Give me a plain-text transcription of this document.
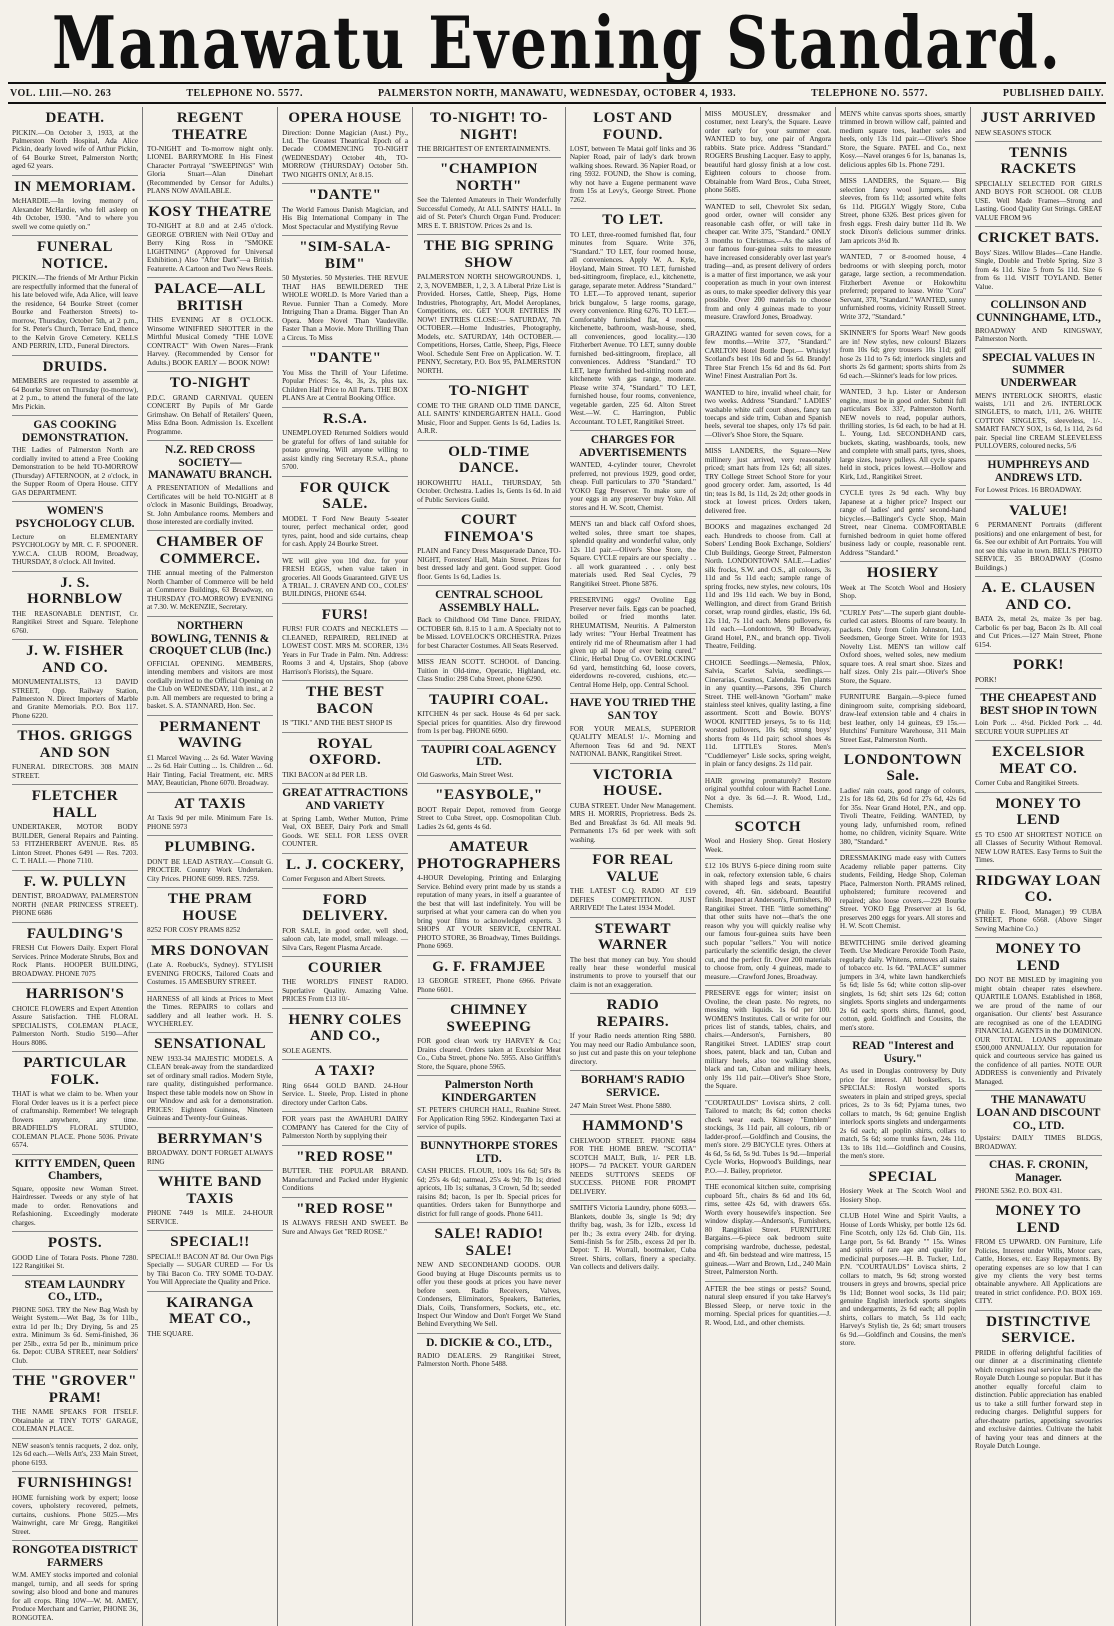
Manawatu Evening Standard.
VOL. LIII.—NO. 263	TELEPHONE NO. 5577.	PALMERSTON NORTH, MANAWATU, WEDNESDAY, OCTOBER 4, 1933.	TELEPHONE NO. 5577.	PUBLISHED DAILY.
DEATH.

PICKIN.—On October 3, 1933, at the Palmerston North Hospital, Ada Alice Pickin, dearly loved wife of Arthur Pickin, of 64 Bourke Street, Palmerston North; aged 62 years.

IN MEMORIAM.

McHARDIE.—In loving memory of Alexander McHardie, who fell asleep on 4th October, 1930. "And to where you swell we come quietly on."

FUNERAL NOTICE.

PICKIN.—The friends of Mr Arthur Pickin are respectfully informed that the funeral of his late beloved wife, Ada Alice, will leave the residence, 64 Bourke Street (corner Bourke and Featherston Streets) to-morrow, Thursday, October 5th, at 2 p.m., for St. Peter's Church, Terrace End, thence to the Kelvin Grove Cemetery. KELLS AND PERRIN, LTD., Funeral Directors.

DRUIDS.

MEMBERS are requested to assemble at 64 Bourke Street on Thursday (to-morrow), at 2 p.m., to attend the funeral of the late Mrs Pickin.

GAS COOKING DEMONSTRATION.

THE Ladies of Palmerston North are cordially invited to attend a Free Cooking Demonstration to be held TO-MORROW (Thursday) AFTERNOON, at 2 o'clock, in the Supper Room of Opera House. CITY GAS DEPARTMENT.

WOMEN'S PSYCHOLOGY CLUB.

Lecture on ELEMENTARY PSYCHOLOGY by MR. C. F. SPOONER. Y.W.C.A. CLUB ROOM, Broadway, THURSDAY, 8 o'clock. All Invited.

J. S. HORNBLOW

THE REASONABLE DENTIST, Cr. Rangitikei Street and Square. Telephone 6760.

J. W. FISHER AND CO.

MONUMENTALISTS, 13 DAVID STREET, Opp. Railway Station, Palmerston N. Direct Importers of Marble and Granite Memorials. P.O. Box 117. Phone 6220.

THOS. GRIGGS AND SON

FUNERAL DIRECTORS. 308 MAIN STREET.

FLETCHER HALL

UNDERTAKER, MOTOR BODY BUILDER, General Repairs and Painting. 53 FITZHERBERT AVENUE. Res. 85 Linton Street. Phones 6491 — Res. 7203. C. T. HALL — Phone 7110.

F. W. PULLYN

DENTIST, BROADWAY, PALMERSTON NORTH (NEAR PRINCESS STREET). PHONE 6686

FAULDING'S

FRESH Cut Flowers Daily. Expert Floral Services. Prince Moderate Shrubs, Box and Rock Plants. HOOPER BUILDING, BROADWAY. PHONE 7075

HARRISON'S

CHOICE FLOWERS and Expert Attention Assure Satisfaction. THE FLORAL SPECIALISTS, COLEMAN PLACE, Palmerston North. Studio 5190—After Hours 8086.

PARTICULAR FOLK.

THAT is what we claim to be. When your Floral Order leaves us it is a perfect piece of craftmanship. Remember! We telegraph flowers anywhere, any time. BRADFIELD'S FLORAL STUDIO, COLEMAN PLACE. Phone 5036. Private 6574.

KITTY EMDEN, Queen Chambers,

Square, opposite new Woman Street. Hairdresser. Tweeds or any style of hat made to order. Renovations and Refashioning. Exceedingly moderate charges.

POSTS.

GOOD Line of Totara Posts. Phone 7280. 122 Rangitikei St.

STEAM LAUNDRY CO., LTD.,

PHONE 5063. TRY the New Bag Wash by Weight System.—Wet Bag, 3s for 11lb., extra 1d per lb.; Dry Drying, 5s and 25 extra. Minimum 3s 6d. Semi-finished, 36 per 25lb., extra 5d per lb., minimum price 6s. Depot: CUBA STREET, near Soldiers' Club.

THE "GROVER" PRAM!

THE NAME SPEAKS FOR ITSELF. Obtainable at TINY TOTS' GARAGE, COLEMAN PLACE.

NEW season's tennis racquets, 2 doz. only, 12s 6d each.—Wells Att's, 233 Main Street, phone 6193.

FURNISHINGS!

HOME furnishing work by expert; loose covers, upholstery recovered, pelmets, curtains, cushions. Phone 5025.—Mrs Wainwright, care Mr Gregg, Rangitikei Street.

RONGOTEA DISTRICT FARMERS

W.M. AMEY stocks imported and colonial mangel, turnip, and all seeds for spring sowing; also blood and bone and manures for all crops. Ring 10W—W. M. AMEY, Produce Merchant and Carrier, PHONE 36, RONGOTEA.

REGENT THEATRE

TO-NIGHT and To-morrow night only. LIONEL BARRYMORE In His Finest Character Portrayal "SWEEPINGS" With Gloria Stuart—Alan Dinehart (Recommended by Censor for Adults.) PLANS NOW AVAILABLE.

KOSY THEATRE

TO-NIGHT at 8.0 and at 2.45 o'clock. GEORGE O'BRIEN with Neil O'Day and Berry King Ross in "SMOKE LIGHTNING" (Approved for Universal Exhibition.) Also "After Dark"—a British Featurette. A Cartoon and Two News Reels.

PALACE—ALL BRITISH

THIS EVENING AT 8 O'CLOCK. Winsome WINIFRED SHOTTER in the Mirthful Musical Comedy "THE LOVE CONTRACT" With Owen Nares—Frank Harvey. (Recommended by Censor for Adults.) BOOK EARLY — BOOK NOW!

TO-NIGHT

P.D.C. GRAND CARNIVAL QUEEN CONCERT By Pupils of Mr Garde Grimshaw. On Behalf of Retailers' Queen, Miss Edna Boon. Admission 1s. Excellent Programme.

N.Z. RED CROSS SOCIETY— MANAWATU BRANCH.

A PRESENTATION of Medallions and Certificates will be held TO-NIGHT at 8 o'clock in Masonic Buildings, Broadway, St. John Ambulance rooms. Members and those interested are cordially invited.

CHAMBER OF COMMERCE.

THE annual meeting of the Palmerston North Chamber of Commerce will be held at Commerce Buildings, 63 Broadway, on THURSDAY (TO-MORROW) EVENING at 7.30. W. McKENZIE, Secretary.

NORTHERN BOWLING, TENNIS & CROQUET CLUB (Inc.)

OFFICIAL OPENING. MEMBERS, intending members and visitors are most cordially invited to the Official Opening on the Club on WEDNESDAY, 11th inst., at 2 p.m. All members are requested to bring a basket. S. A. STANNARD, Hon. Sec.

PERMANENT WAVING

£1 Marcel Waving ... 2s 6d. Water Waving ... 2s 6d. Hair Cutting ... 1s. Children ... 6d. Hair Tinting, Facial Treatment, etc. MRS MAY, Beautician, Phone 6070. Broadway.

AT TAXIS

At Taxis 9d per mile. Minimum Fare 1s. PHONE 5973

PLUMBING.

DON'T BE LEAD ASTRAY.—Consult G. PROCTER. Country Work Undertaken. City Prices. PHONE 6099. RES. 7259.

THE PRAM HOUSE

8252 FOR COSY PRAMS 8252

MRS DONOVAN

(Late A. Roebuck's, Sydney). STYLISH EVENING FROCKS, Tailored Coats and Costumes. 15 AMESBURY STREET.

HARNESS of all kinds at Prices to Meet the Times. REPAIRS to collars and saddlery and all leather work. H. S. WYCHERLEY.

SENSATIONAL

NEW 1933-34 MAJESTIC MODELS. A CLEAN break-away from the standardized set of ordinary small radios. Modern Style, rare quality, distinguished performance. Inspect these table models now on Show in our Window and ask for a demonstration. PRICES: Eighteen Guineas, Nineteen Guineas and Twenty-four Guineas.

BERRYMAN'S

BROADWAY. DON'T FORGET ALWAYS RING

WHITE BAND TAXIS

PHONE 7449 1s MILE. 24-HOUR SERVICE.

SPECIAL!!

SPECIAL!! BACON AT 8d. Our Own Pigs Specially — SUGAR CURED — For Us by Tiki Bacon Co. TRY SOME TO-DAY. You Will Appreciate the Quality and Price.

KAIRANGA MEAT CO.,

THE SQUARE.

OPERA HOUSE

Direction: Donne Magician (Aust.) Pty., Ltd. The Greatest Theatrical Epoch of a Decade COMMENCING TO-NIGHT (WEDNESDAY) October 4th, TO-MORROW (THURSDAY) October 5th. TWO NIGHTS ONLY, At 8.15.

"DANTE"

The World Famous Danish Magician, and His Big International Company in The Most Spectacular and Mystifying Revue

"SIM-SALA-BIM"

50 Mysteries. 50 Mysteries. THE REVUE THAT HAS BEWILDERED THE WHOLE WORLD. Is More Varied than a Revue. Funnier Than a Comedy. More Intriguing Than a Drama. Bigger Than An Opera. More Novel Than Vaudeville. Faster Than a Movie. More Thrilling Than a Circus. To Miss

"DANTE"

You Miss the Thrill of Your Lifetime. Popular Prices: 5s, 4s, 3s, 2s, plus tax. Children Half Price to All Parts. THE BOX PLANS Are at Central Booking Office.

R.S.A.

UNEMPLOYED Returned Soldiers would be grateful for offers of land suitable for potato growing. Will anyone willing to assist kindly ring Secretary R.S.A., phone 5700.

FOR QUICK SALE.

MODEL T Ford New Beauty 5-seater tourer, perfect mechanical order, good tyres, paint, hood and side curtains, cheap for cash. Apply 24 Bourke Street.

WE will give you 10d doz. for your FRESH EGGS, when value taken in groceries. All Goods Guaranteed. GIVE US A TRIAL. J. CRAVEN AND CO., COLES' BUILDINGS, PHONE 6544.

FURS!

FURS! FUR COATS and NECKLETS —CLEANED, REPAIRED, RELINED at LOWEST COST. MRS M. SCORER, 13½ Years in Fur Trade in Palm. Ntn. Address: Rooms 3 and 4, Upstairs, Shop (above Harrison's Florists), the Square.

THE BEST BACON

IS "TIKI." AND THE BEST SHOP IS

ROYAL OXFORD.

TIKI BACON at 8d PER LB.

GREAT ATTRACTIONS AND VARIETY

at Spring Lamb, Wether Mutton, Prime Veal, OX BEEF, Dairy Pork and Small Goods. WE SELL FOR LESS OVER COUNTER.

L. J. COCKERY,

Corner Ferguson and Albert Streets.

FORD DELIVERY.

FOR SALE, in good order, well shod, saloon cab, late model, small mileage. —Silva Cars, Regent Plasma Arcade.

COURIER

THE WORLD'S FINEST RADIO. Superlative Quality. Amazing Value. PRICES From £13 10/-

HENRY COLES AND CO.,

SOLE AGENTS.

A TAXI?

Ring 6644 GOLD BAND. 24-Hour Service. L. Steele, Prop. Listed in phone directory under Carlton Cabs.

FOR years past the AWAHURI DAIRY COMPANY has Catered for the City of Palmerston North by supplying their

"RED ROSE"

BUTTER. THE POPULAR BRAND. Manufactured and Packed under Hygienic Conditions

"RED ROSE"

IS ALWAYS FRESH AND SWEET. Be Sure and Always Get "RED ROSE."

TO-NIGHT! TO-NIGHT!

THE BRIGHTEST OF ENTERTAINMENTS.

"CHAMPION NORTH"

See the Talented Amateurs in Their Wonderfully Successful Comedy, At ALL SAINTS' HALL. In aid of St. Peter's Church Organ Fund. Producer: MRS E. T. BRISTOW. Prices 2s and 1s.

THE BIG SPRING SHOW

PALMERSTON NORTH SHOWGROUNDS. 1, 2, 3, NOVEMBER, 1, 2, 3. A Liberal Prize List is Provided. Horses, Cattle, Sheep, Pigs, Home Industries, Photography, Art, Model Aeroplanes, Competitions, etc. GET YOUR ENTRIES IN NOW! ENTRIES CLOSE:— SATURDAY, 7th OCTOBER.—Home Industries, Photography, Models, etc. SATURDAY, 14th OCTOBER.—Competitions, Horses, Cattle, Sheep, Pigs, Fleece Wool. Schedule Sent Free on Application. W. T. PENNY, Secretary, P.O. Box 95, PALMERSTON NORTH.

TO-NIGHT

COME TO THE GRAND OLD TIME DANCE, ALL SAINTS' KINDERGARTEN HALL. Good Music, Floor and Supper. Gents 1s 6d, Ladies 1s. A.R.R.

OLD-TIME DANCE.

HOKOWHITU HALL, THURSDAY, 5th October. Orchestra. Ladies 1s, Gents 1s 6d. In aid of Public Services Guild.

COURT FINEMOA'S

PLAIN and Fancy Dress Masquerade Dance, TO-NIGHT, Foresters' Hall, Main Street. Prizes for best dressed lady and gent. Good supper. Good floor. Gents 1s 6d, Ladies 1s.

CENTRAL SCHOOL ASSEMBLY HALL.

Back to Childhood Old Time Dance. FRIDAY, OCTOBER 6th. 8.15 to 1 a.m. A Specialty not to be Missed. LOVELOCK'S ORCHESTRA. Prizes for best Character Costumes. All Seats Reserved.

MISS JEAN SCOTT. SCHOOL of Dancing. Tuition in Old-time, Operatic, Highland, etc. Class Studio: 298 Cuba Street, phone 6290.

TAUPIRI COAL.

KITCHEN 4s per sack. House 4s 6d per sack. Special prices for quantities. Also dry firewood from 1s per bag. PHONE 6090.

TAUPIRI COAL AGENCY LTD.

Old Gasworks, Main Street West.

"EASYBOLE,"

BOOT Repair Depot, removed from George Street to Cuba Street, opp. Cosmopolitan Club. Ladies 2s 6d, gents 4s 6d.

AMATEUR PHOTOGRAPHERS

4-HOUR Developing, Printing and Enlarging Service. Behind every print made by us stands a reputation of many years, in itself a guarantee of the best that will last indefinitely. You will be surprised at what your camera can do when you bring your films to acknowledged experts. 3 SHOPS AT YOUR SERVICE, CENTRAL PHOTO STORE, 36 Broadway, Times Buildings. Phone 6969.

G. F. FRAMJEE

13 GEORGE STREET, Phone 6966. Private Phone 6601.

CHIMNEY SWEEPING

FOR good clean work try HARVEY & Co.; Drains cleared. Orders taken at Excelsior Meat Co., Cuba Street, phone No. 5955. Also Griffith's Store, the Square, phone 5965.

Palmerston North KINDERGARTEN

ST. PETER'S CHURCH HALL, Ruahine Street. For Application Ring 5962. Kindergarten Taxi at service of pupils.

BUNNYTHORPE STORES LTD.

CASH PRICES. FLOUR, 100's 16s 6d; 50's 8s 6d; 25's 4s 6d; oatmeal, 25's 4s 9d; 7lb 1s; dried apricots, 1lb 1s; sultanas, 3 Crown, 5d lb; seeded raisins 8d; bacon, 1s per lb. Special prices for quantities. Orders taken for Bunnythorpe and district for full range of goods. Phone 6411.

SALE! RADIO! SALE!

NEW AND SECONDHAND GOODS. OUR Good buying at Huge Discounts permits us to offer you these goods at prices you have never before seen. Radio Receivers, Valves, Condensers, Eliminators, Speakers, Batteries, Dials, Coils, Transformers, Sockets, etc., etc. Inspect Our Window and Don't Forget We Stand Behind Everything We Sell.

D. DICKIE & CO., LTD.,

RADIO DEALERS. 29 Rangitikei Street, Palmerston North. Phone 5488.

LOST AND FOUND.

LOST, between Te Matai golf links and 36 Napier Road, pair of lady's dark brown walking shoes. Reward. 36 Napier Road, or ring 5932. FOUND, the Show is coming, why not have a Eugene permanent wave from 15s at Levy's, George Street. Phone 7262.

TO LET.

TO LET, three-roomed furnished flat, four minutes from Square. Write 376, "Standard." TO LET, four roomed house, all conveniences. Apply W. A. Kyle, Hoyland, Main Street. TO LET, furnished bed-sittingroom, fireplace, e.l., kitchenette, garage, separate meter. Address "Standard." TO LET.—To approved tenant, superior brick bungalow, 5 large rooms, garage, every convenience. Ring 6276. TO LET.—Comfortably furnished flat, 4 rooms, kitchenette, bathroom, wash-house, shed, all conveniences, good locality.—130 Fitzherbert Avenue. TO LET, sunny double furnished bed-sittingroom, fireplace, all conveniences. Address "Standard." TO LET, large furnished bed-sitting room and kitchenette with gas range, moderate. Please write 374, "Standard." TO LET, furnished house, four rooms, convenience, vegetable garden, 225 6d. Alton Street West.—W. C. Harrington, Public Accountant. TO LET, Rangitikei Street.

CHARGES FOR ADVERTISEMENTS

WANTED, 4-cylinder tourer, Chevrolet preferred, not previous 1929, good order, cheap. Full particulars to 370 "Standard." YOKO Egg Preserver. To make sure of your eggs in any preserver buy Yoko. All stores and H. W. Scott, Chemist.

MEN'S tan and black calf Oxford shoes, welted soles, three smart toe shapes, splendid quality and wonderful value, only 12s 11d pair.—Oliver's Shoe Store, the Square. CYCLE repairs are our specialty . . . all work guaranteed . . . only best materials used. Red Seal Cycles, 79 Rangitikei Street. Phone 5876.

PRESERVING eggs? Ovoline Egg Preserver never fails. Eggs can be poached, boiled or fried months later. RHEUMATISM, Neuritis. A Palmerston lady writes: "Your Herbal Treatment has entirely rid me of Rheumatism after 1 had given up all hope of ever being cured." Clinic, Herbal Drug Co. OVERLOCKING 6d yard, hemstitching 6d, loose covers, eiderdowns re-covered, cushions, etc.—Central Home Help, opp. Central School.

HAVE YOU TRIED THE SAN TOY

FOR YOUR MEALS, SUPERIOR QUALITY MEALS! 1/-. Morning and Afternoon Teas 6d and 9d. NEXT NATIONAL BANK, Rangitikei Street.

VICTORIA HOUSE.

CUBA STREET. Under New Management. MRS H. MORRIS, Proprietress. Beds 2s. Bed and Breakfast 3s 6d. All meals 9d. Permanents 17s 6d per week with soft washing.

FOR REAL VALUE

THE LATEST C.Q. RADIO AT £19 DEFIES COMPETITION. JUST ARRIVED! The Latest 1934 Model.

STEWART WARNER

The best that money can buy. You should really hear these wonderful musical instruments to prove to yourself that our claim is not an exaggeration.

RADIO REPAIRS.

If your Radio needs attention Ring 5880. You may need our Radio Ambulance soon, so just cut and paste this on your telephone directory.

BORHAM'S RADIO SERVICE.

247 Main Street West. Phone 5880.

HAMMOND'S

CHELWOOD STREET. PHONE 6884 FOR THE HOME BREW. "SCOTIA" SCOTCH MALT, Bulk, 1/- PER LB. HOPS— 7d PACKET. YOUR GARDEN NEEDS SUTTON'S SEEDS OF SUCCESS. PHONE FOR PROMPT DELIVERY.

SMITH'S Victoria Laundry, phone 6093.—Blankets, double 3s, single 1s 9d; dry thrifty bag, wash, 3s for 12lb., excess 1d per lb.; 3s extra every 24lb. for drying. Semi-finish 5s for 25lb., excess 2d per lb. Depot: T. H. Worrall, bootmaker, Cuba Street. Shirts, collars, finery a specialty. Van collects and delivers daily.

MISS MOUSLEY, dressmaker and costumer, next Leary's, the Square. Leave order early for your summer coat. WANTED to buy, one pair of Angora rabbits. State price. Address "Standard." ROGERS Brushing Lacquer. Easy to apply, beautiful hard glossy finish at a low cost. Eighteen colours to choose from. Obtainable from Ward Bros., Cuba Street, phone 5685.

WANTED to sell, Chevrolet Six sedan, good order, owner will consider any reasonable cash offer, or will take in cheaper car. Write 375, "Standard." ONLY 3 months to Christmas.—As the sales of our famous four-guinea suits to measure have increased considerably over last year's trading—and, as present delivery of orders is a matter of first importance, we ask your cooperation as much in your own interest as ours, to make speedier delivery this year possible. Over 200 materials to choose from and only 4 guineas made to your measure. Crawford Jones, Broadway.

GRAZING wanted for seven cows, for a few months.—Write 377, "Standard." CARLTON Hotel Bottle Dept.— Whisky! Scotland's best 10s 6d and 5s 6d. Brandy! Three Star French 15s 6d and 8s 6d. Port Wine! Finest Australian Port 3s.

WANTED to hire, invalid wheel chair, for two weeks. Address "Standard." LADIES' washable white calf court shoes, fancy tan toecaps and side trim, Cuban and Spanish heels, several toe shapes, only 17s 6d pair.—Oliver's Shoe Store, the Square.

MISS LANDERS, the Square—New millinery just arrived, very reasonably priced; smart hats from 12s 6d; all sizes. TRY College Street School Store for your good grocery order. Jam, assorted, 1s 4d tin; teas 1s 8d, 1s 11d, 2s 2d; other goods in stock at lowest prices. Orders taken, delivered free.

BOOKS and magazines exchanged 2d each. Hundreds to choose from. Call at Sobers' Lending Book Exchange, Soldiers' Club Buildings, George Street, Palmerston North. LONDONTOWN SALE.—Ladies' silk frocks, S.W. and O.S., all colours, 3s 11d and 5s 11d each; sample range of spring frocks, new styles, new colours, 10s 11d and 19s 11d each. We buy in Bond, Wellington, and direct from Grand British corset, wrap round girdles, elastic, 19s 6d, 12s 11d, 7s 11d each. Mens pullovers, 6s 11d each.—Londontown, 90 Broadway, Grand Hotel, P.N., and branch opp. Tivoli Theatre, Feilding.

CHOICE Seedlings.—Nemesia, Phlox, Salvia, Scarlet Salvia, seedlings.—Cinerarias, Cosmos, Calendula. Ten plants in any quantity.—Parsons, 396 Church Street. THE well-known "Gorham" make stainless steel knives, quality lasting, a fine assortment. Scott and Bowie. BOYS' WOOL KNITTED jerseys, 5s to 6s 11d; worsted pullovers, 10s 6d; strong boys' shorts from 4s 11d pair; school shoes 4s 11d. LITTLE's Stores. Men's "Cuddlemeyer" Lisle socks, spring weight, in plain or fancy designs. 2s 11d pair.

HAIR growing prematurely? Restore original youthful colour with Rachel Lone. Not a dye. 3s 6d.—J. R. Wood, Ltd., Chemists.

SCOTCH

Wool and Hosiery Shop. Great Hosiery Week.

£12 10s BUYS 6-piece dining room suite in oak, refectory extension table, 6 chairs with shaped legs and seats, tapestry covered, 4ft. 6in. sideboard. Beautiful finish. Inspect at Anderson's, Furnishers, 80 Rangitikei Street. THE "little something" that other suits have not—that's the one reason why you will quickly realise why our famous four-guinea suits have been such popular "sellers." You will notice particularly the scientific design, the clever cut, and the perfect fit. Over 200 materials to choose from, only 4 guineas, made to measure.—Crawford Jones, Broadway.

PRESERVE eggs for winter; insist on Ovoline, the clean paste. No regrets, no messing with liquids. 1s 6d per 100. WOMEN'S Institutes. Call or write for our prices list of stands, tables, chairs, and chairs.—Anderson's, Furnishers, 80 Rangitikei Street. LADIES' strap court shoes, patent, black and tan, Cuban and military heels, also toe walking shoes, black and tan, Cuban and military heels, only 19s 11d pair.—Oliver's Shoe Store, the Square.

"COURTAULDS" Lovisca shirts, 2 coll. Tailored to match; 8s 6d; cotton checks check wear each. Kinsey "Emblem" stockings, 3s 11d pair, all colours, rib or ladder-proof.—Goldfinch and Cousins, the men's store. 2/9 BICYCLE tyres. Others at 4s 6d, 5s 6d, 5s 9d. Tubes 1s 9d.—Imperial Cycle Works, Hopwood's Buildings, near P.O.—J. Bailey, proprietor.

THE economical kitchen suite, comprising cupboard 5ft., chairs 8s 6d and 10s 6d, rims, settee 42s 6d, with drawers 65s. Worth every housewife's inspection. See window display.—Anderson's, Furnishers, 80 Rangitikei Street. FURNITURE Bargains.—6-piece oak bedroom suite comprising wardrobe, duchesse, pedestal, and 4ft. 6in bedstead and wire mattress, 15 guineas.—Warr and Brown, Ltd., 240 Main Street, Palmerston North.

AFTER the bee stings or pests? Sound, natural sleep ensured if you take Harvey's Blessed Sleep, or nerve toxic in the morning. Special prices for quantities.—J. R. Wood, Ltd., and other chemists.

MEN'S white canvas sports shoes, smartly trimmed in brown willow calf, painted and medium square toes, leather soles and heels, only 13s 11d pair.—Oliver's Shoe Store, the Square. PATEL and Co., next Kosy.—Navel oranges 6 for 1s, bananas 1s, delicious apples 6lb 1s. Phone 7291.

MISS LANDERS, the Square.— Big selection fancy wool jumpers, short sleeves, from 6s 11d; assorted white felts 6s 11d. PIGGLY Wiggly Store, Cuba Street, phone 6326. Best prices given for fresh eggs. Fresh dairy butter 11d lb. We stock Dixon's delicious summer drinks. Jam apricots 3½d lb.

WANTED, 7 or 8-roomed house, 4 bedrooms or with sleeping porch, motor garage, large section, a recommendation. Fitzherbert Avenue or Hokowhitu preferred; prepared to lease. Write "Cora" Servant, 378, "Standard." WANTED, sunny unfurnished rooms, vicinity Russell Street. Write 372, "Standard."

SKINNER'S for Sports Wear! New goods are in! New styles, new colours! Blazers from 10s 6d; grey trousers 10s 11d; golf hose 2s 11d to 7s 6d; interlock singlets and shorts 2s 6d garment; sports shirts from 2s 6d each.—Skinner's leads for low prices.

WANTED, 3 h.p. Lister or Anderson engine, must be in good order. Submit full particulars Box 337, Palmerston North. NEW novels to read, popular authors, thrilling stories, 1s 6d each, to be had at H. L. Young, Ltd. SECONDHAND cars, buckets, skating, washboards, tools, new and complete with small parts, tyres, shoes, large sizes, heavy pulleys. All cycle spares held in stock, prices lowest.—Hollow and Kirk, Ltd., Rangitikei Street.

CYCLE tyres 2s 9d each. Why buy Japanese at a higher price? Inspect our range of ladies' and gents' second-hand bicycles.—Ballinger's Cycle Shop, Main Street, near Cinema. COMFORTABLE furnished bedroom in quiet home offered business lady or couple, reasonable rent. Address "Standard."

HOSIERY

Week at The Scotch Wool and Hosiery Shop.

"CURLY Pets"—The superb giant double-curled cat asters. Blooms of rare beauty. In packets. Only from Colin Johnston, Ltd., Seedsmen, George Street. Write for 1933 Novelty List. MEN'S tan willow calf Oxford shoes, welted soles, new medium square toes. A real smart shoe. Sizes and half sizes. Only 21s pair.—Oliver's Shoe Store, the Square.

FURNITURE Bargain.—9-piece fumed diningroom suite, comprising sideboard, draw-leaf extension table and 4 chairs in best leather, only 14 guineas, £9 15s.—Hutchins' Furniture Warehouse, 311 Main Street East, Palmerston North.

LONDONTOWN Sale.

Ladies' rain coats, good range of colours, 21s for 18s 6d, 20s 6d for 27s 6d, 42s 6d for 35s. Near Grand Hotel, P.N., and opp. Tivoli Theatre, Feilding. WANTED, by young lady, unfurnished room, refined home, no children, vicinity Square. Write 380, "Standard."

DRESSMAKING made easy with Cutters Academy reliable paper patterns. City students, Feilding, Hedge Shop, Coleman Place, Palmerston North. PRAMS relined, upholstered; furniture recovered and repaired; also loose covers.—229 Bourke Street. YOKO Egg Preserver at 1s 6d, preserves 200 eggs for years. All stores and H. W. Scott Chemist.

BEWITCHING smile derived gleaming Teeth. Use Medicare Peroxide Tooth Paste, regularly daily. Whitens, removes all stains of tobacco etc. 1s 6d. "PALACE" summer jumpers in 3/4, white lawn handkerchiefs 5s 6d; lisle 5s 6d; white cotton slip-over singlets, 1s 6d; shirt sets 12s 6d; cotton singlets. Sports singlets and undergarments 2s 6d each; sports shirts, flannel, good, cotton, gold. Goldfinch and Cousins, the men's store.

READ "Interest and Usury."

As used in Douglas controversy by Duty price for interest. All booksellers, 1s. SPECIALS: Roslyn worsted sports sweaters in plain and striped greys, special prices, 2s to 3s 6d; Pyjama tunes, two collars to match, 9s 6d; genuine English interlock sports singlets and undergarments 2s 6d each; all poplin shirts, collars to match, 5s 6d; some trunks fawn, 24s 11d, 13s to 18s 11d.—Goldfinch and Cousins, the men's store.

SPECIAL

Hosiery Week at The Scotch Wool and Hosiery Shop.

CLUB Hotel Wine and Spirit Vaults, a House of Lords Whisky, per bottle 12s 6d. Fine Scotch, only 12s 6d. Club Gin, 11s. Large port, 5s 6d. Brandy "" 15s. Wines and spirits of rare age and quality for medicinal purposes.—H. B. Tucker, Ltd., P.N. "COURTAULDS" Lovisca shirts, 2 collars to match, 9s 6d; strong worsted trousers in greys and browns, special price 9s 11d; Bonnet wool socks, 3s 11d pair; genuine English interlock sports singlets and undergarments, 2s 6d each; all poplin shirts, collars to match, 5s 11d each; Harvey's Stylish tie, 2s 6d; smart trousers 6s 9d.—Goldfinch and Cousins, the men's store.

JUST ARRIVED

NEW SEASON'S STOCK

TENNIS RACKETS

SPECIALLY SELECTED FOR GIRLS AND BOYS FOR SCHOOL OR CLUB USE. Well Made Frames—Strong and Lasting. Good Quality Gut Strings. GREAT VALUE FROM 9/6

CRICKET BATS.

Boys' Sizes. Willow Blades—Cane Handle. Single, Double and Treble Spring. Size 3 from 4s 11d. Size 5 from 5s 11d. Size 6 from 6s 11d. VISIT TOYLAND. Better Value.

COLLINSON AND CUNNINGHAME, LTD.,

BROADWAY AND KINGSWAY, Palmerston North.

SPECIAL VALUES IN SUMMER UNDERWEAR

MEN'S INTERLOCK SHORTS, elastic waists, 1/11 and 2/6. INTERLOCK SINGLETS, to match, 1/11, 2/6. WHITE COTTON SINGLETS, sleeveless, 1/-. SMART FANCY SOX, 1s 6d, 1s 11d, 2s 6d pair. Special line CREAM SLEEVELESS PULLOVERS, coloured necks, 5/6

HUMPHREYS AND ANDREWS LTD.

For Lowest Prices. 16 BROADWAY.

VALUE!

6 PERMANENT Portraits (different positions) and one enlargement of best, for 6s. See our exhibit of Art Portraits. You will not see this value in town. BELL'S PHOTO SERVICE, 35 BROADWAY (Cosmo Buildings.)

A. E. CLAUSEN AND CO.

BATA 2s, metal 2s, maize 3s per bag. Carbolic 6s per bag, Bacon 2s lb. All coal and Cut Prices.—127 Main Street, Phone 6154.

PORK!

PORK!

THE CHEAPEST AND BEST SHOP IN TOWN

Loin Pork ... 4½d. Pickled Pork ... 4d. SECURE YOUR SUPPLIES AT

EXCELSIOR MEAT CO.

Corner Cuba and Rangitikei Streets.

MONEY TO LEND

£5 TO £500 AT SHORTEST NOTICE on all Classes of Security Without Removal. NEW LOW RATES. Easy Terms to Suit the Times.

RIDGWAY LOAN CO.

(Philip E. Flood, Manager.) 99 CUBA STREET, Phone 6568. (Above Singer Sewing Machine Co.)

MONEY TO LEND

DO NOT BE MISLED by imagining you might obtain cheaper rates elsewhere. QUARTILE LOANS. Established in 1868, we are proud of the name of our organisation. Our clients' best Assurance are recognised as one of the LEADING FINANCIAL AGENTS in the DOMINION. OUR TOTAL LOANS approximate £500,000 ANNUALLY. Our reputation for quick and courteous service has gained us the confidence of all parties. NOTE OUR ADDRESS is conveniently and Privately Managed.

THE MANAWATU LOAN AND DISCOUNT CO., LTD.

Upstairs: DAILY TIMES BLDGS, BROADWAY.

CHAS. F. CRONIN, Manager.

PHONE 5362. P.O. BOX 431.

MONEY TO LEND

FROM £5 UPWARD. ON Furniture, Life Policies, Interest under Wills, Motor cars, Cattle, Horses, etc. Easy Repayments. By operating expenses are so low that I can give my clients the very best terms obtainable anywhere. All Applications are treated in strict confidence. P.O. BOX 169. CITY.

DISTINCTIVE SERVICE.

PRIDE in offering delightful facilities of our dinner at a discriminating clientele which recognises real service has made the Royale Dutch Lounge so popular. But it has another equally forceful claim to distinction. Public appreciation has enabled us to take a still further forward step in reducing charges. Delightful suppers for after-theatre parties, appetising savouries and exclusive dainties. Cultivate the habit of having your teas and dinners at the Royale Dutch Lounge.
